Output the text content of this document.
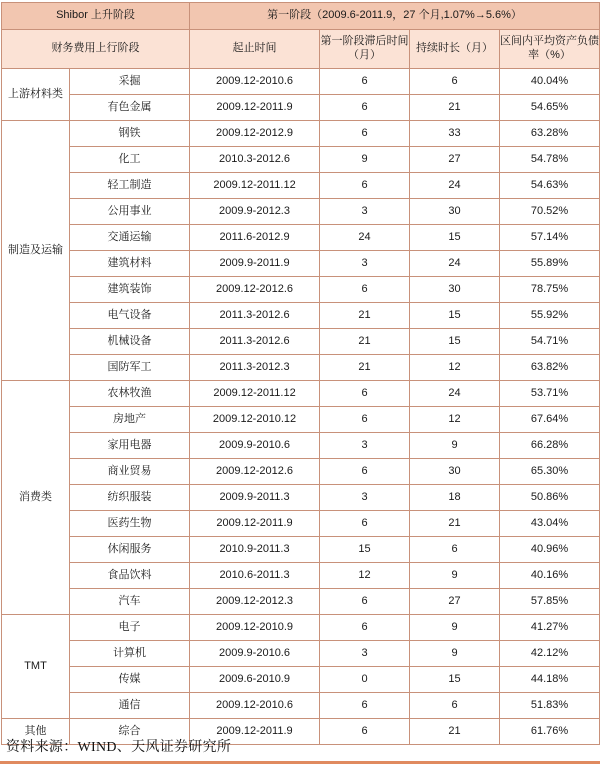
Shibor 上升阶段		第一阶段（2009.6-2011.9，27 个月,1.07%→5.6%）			
财务费用上行阶段		起止时间	第一阶段滞后时间（月）	持续时长（月）	区间内平均资产负债率（%）
上游材料类	采掘	2009.12-2010.6	6	6	40.04%
	有色金属	2009.12-2011.9	6	21	54.65%
制造及运输	钢铁	2009.12-2012.9	6	33	63.28%
	化工	2010.3-2012.6	9	27	54.78%
	轻工制造	2009.12-2011.12	6	24	54.63%
	公用事业	2009.9-2012.3	3	30	70.52%
	交通运输	2011.6-2012.9	24	15	57.14%
	建筑材料	2009.9-2011.9	3	24	55.89%
	建筑装饰	2009.12-2012.6	6	30	78.75%
	电气设备	2011.3-2012.6	21	15	55.92%
	机械设备	2011.3-2012.6	21	15	54.71%
	国防军工	2011.3-2012.3	21	12	63.82%
消费类	农林牧渔	2009.12-2011.12	6	24	53.71%
	房地产	2009.12-2010.12	6	12	67.64%
	家用电器	2009.9-2010.6	3	9	66.28%
	商业贸易	2009.12-2012.6	6	30	65.30%
	纺织服装	2009.9-2011.3	3	18	50.86%
	医药生物	2009.12-2011.9	6	21	43.04%
	休闲服务	2010.9-2011.3	15	6	40.96%
	食品饮料	2010.6-2011.3	12	9	40.16%
	汽车	2009.12-2012.3	6	27	57.85%
TMT	电子	2009.12-2010.9	6	9	41.27%
	计算机	2009.9-2010.6	3	9	42.12%
	传媒	2009.6-2010.9	0	15	44.18%
	通信	2009.12-2010.6	6	6	51.83%
其他	综合	2009.12-2011.9	6	21	61.76%
资料来源：WIND、天风证券研究所
